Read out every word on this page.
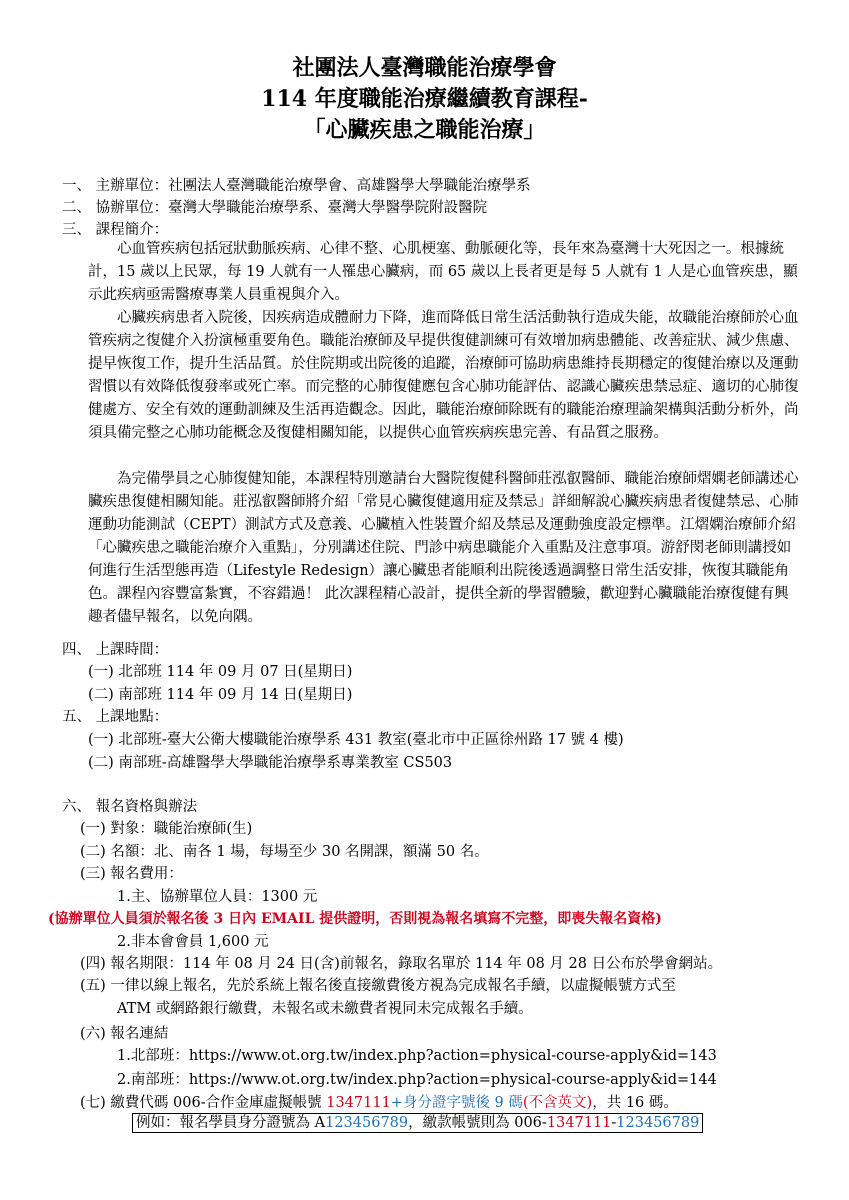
社團法人臺灣職能治療學會
114 年度職能治療繼續教育課程-
「心臟疾患之職能治療」
一、 主辦單位：社團法人臺灣職能治療學會、高雄醫學大學職能治療學系
二、 協辦單位：臺灣大學職能治療學系、臺灣大學醫學院附設醫院
三、 課程簡介：
心血管疾病包括冠狀動脈疾病、心律不整、心肌梗塞、動脈硬化等，長年來為臺灣十大死因之一。根據統計，15 歲以上民眾，每 19 人就有一人罹患心臟病，而 65 歲以上長者更是每 5 人就有 1 人是心血管疾患，顯示此疾病亟需醫療專業人員重視與介入。
心臟疾病患者入院後，因疾病造成體耐力下降，進而降低日常生活活動執行造成失能，故職能治療師於心血管疾病之復健介入扮演極重要角色。職能治療師及早提供復健訓練可有效增加病患體能、改善症狀、減少焦慮、提早恢復工作，提升生活品質。於住院期或出院後的追蹤，治療師可協助病患維持長期穩定的復健治療以及運動習慣以有效降低復發率或死亡率。而完整的心肺復健應包含心肺功能評估、認識心臟疾患禁忌症、適切的心肺復健處方、安全有效的運動訓練及生活再造觀念。因此，職能治療師除既有的職能治療理論架構與活動分析外，尚須具備完整之心肺功能概念及復健相關知能，以提供心血管疾病疾患完善、有品質之服務。
為完備學員之心肺復健知能，本課程特別邀請台大醫院復健科醫師莊泓叡醫師、職能治療師熠嫻老師講述心臟疾患復健相關知能。莊泓叡醫師將介紹「常見心臟復健適用症及禁忌」詳細解說心臟疾病患者復健禁忌、心肺運動功能測試（CEPT）測試方式及意義、心臟植入性裝置介紹及禁忌及運動強度設定標準。江熠嫻治療師介紹「心臟疾患之職能治療介入重點」，分別講述住院、門診中病患職能介入重點及注意事項。游舒閔老師則講授如何進行生活型態再造（Lifestyle Redesign）讓心臟患者能順利出院後透過調整日常生活安排，恢復其職能角色。課程內容豐富紮實，不容錯過！ 此次課程精心設計，提供全新的學習體驗，歡迎對心臟職能治療復健有興趣者儘早報名，以免向隅。
四、 上課時間：
(一) 北部班 114 年 09 月 07 日(星期日)
(二) 南部班 114 年 09 月 14 日(星期日)
五、 上課地點：
(一) 北部班-臺大公衛大樓職能治療學系 431 教室(臺北市中正區徐州路 17 號 4 樓)
(二) 南部班-高雄醫學大學職能治療學系專業教室 CS503
六、 報名資格與辦法
(一) 對象：職能治療師(生)
(二) 名額：北、南各 1 場，每場至少 30 名開課，額滿 50 名。
(三) 報名費用：
1.主、協辦單位人員：1300 元
(協辦單位人員須於報名後 3 日內 EMAIL 提供證明，否則視為報名填寫不完整，即喪失報名資格)
2.非本會會員 1,600 元
(四) 報名期限：114 年 08 月 24 日(含)前報名，錄取名單於 114 年 08 月 28 日公布於學會網站。
(五) 一律以線上報名，先於系統上報名後直接繳費後方視為完成報名手續，以虛擬帳號方式至
ATM 或網路銀行繳費，未報名或未繳費者視同未完成報名手續。
(六) 報名連結
1.北部班：https://www.ot.org.tw/index.php?action=physical-course-apply&id=143
2.南部班：https://www.ot.org.tw/index.php?action=physical-course-apply&id=144
(七) 繳費代碼 006-合作金庫虛擬帳號 1347111+身分證字號後 9 碼(不含英文)，共 16 碼。
例如：報名學員身分證號為 A123456789，繳款帳號則為 006-1347111-123456789
